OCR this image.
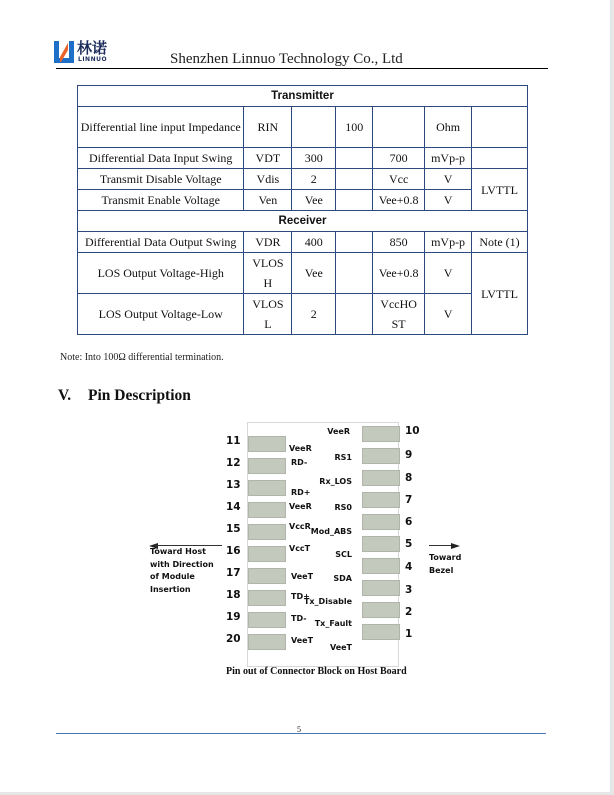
林诺
LINNUO	Shenzhen Linnuo Technology Co., Ltd
Transmitter						
Differential line input Impedance	RIN		100		Ohm	
Differential Data Input Swing	VDT	300		700	mVp-p	
Transmit Disable Voltage	Vdis	2		Vcc	V	LVTTL
Transmit Enable Voltage	Ven	Vee		Vee+0.8	V	
Receiver						
Differential Data Output Swing	VDR	400		850	mVp-p	Note (1)
LOS Output Voltage-High	VLOSH	Vee		Vee+0.8	V	LVTTL
LOS Output Voltage-Low	VLOSL	2		VccHOST	V	
Note: Into 100Ω differential termination.
V. Pin Description
11
VeeR
12	RD-
13
RD+
14	VeeR
15	VccR
16	VccT
17	VeeT
18	TD+
19	TD-
20	VeeT
10
VeeR
9
RS1
8
Rx_LOS
7
RS0
6
Mod_ABS
5
SCL
4
SDA
3
Tx_Disable
2
Tx_Fault
1
VeeT
Toward Host
with Direction
of Module
Insertion
Toward
Bezel
Pin out of Connector Block on Host Board
5
